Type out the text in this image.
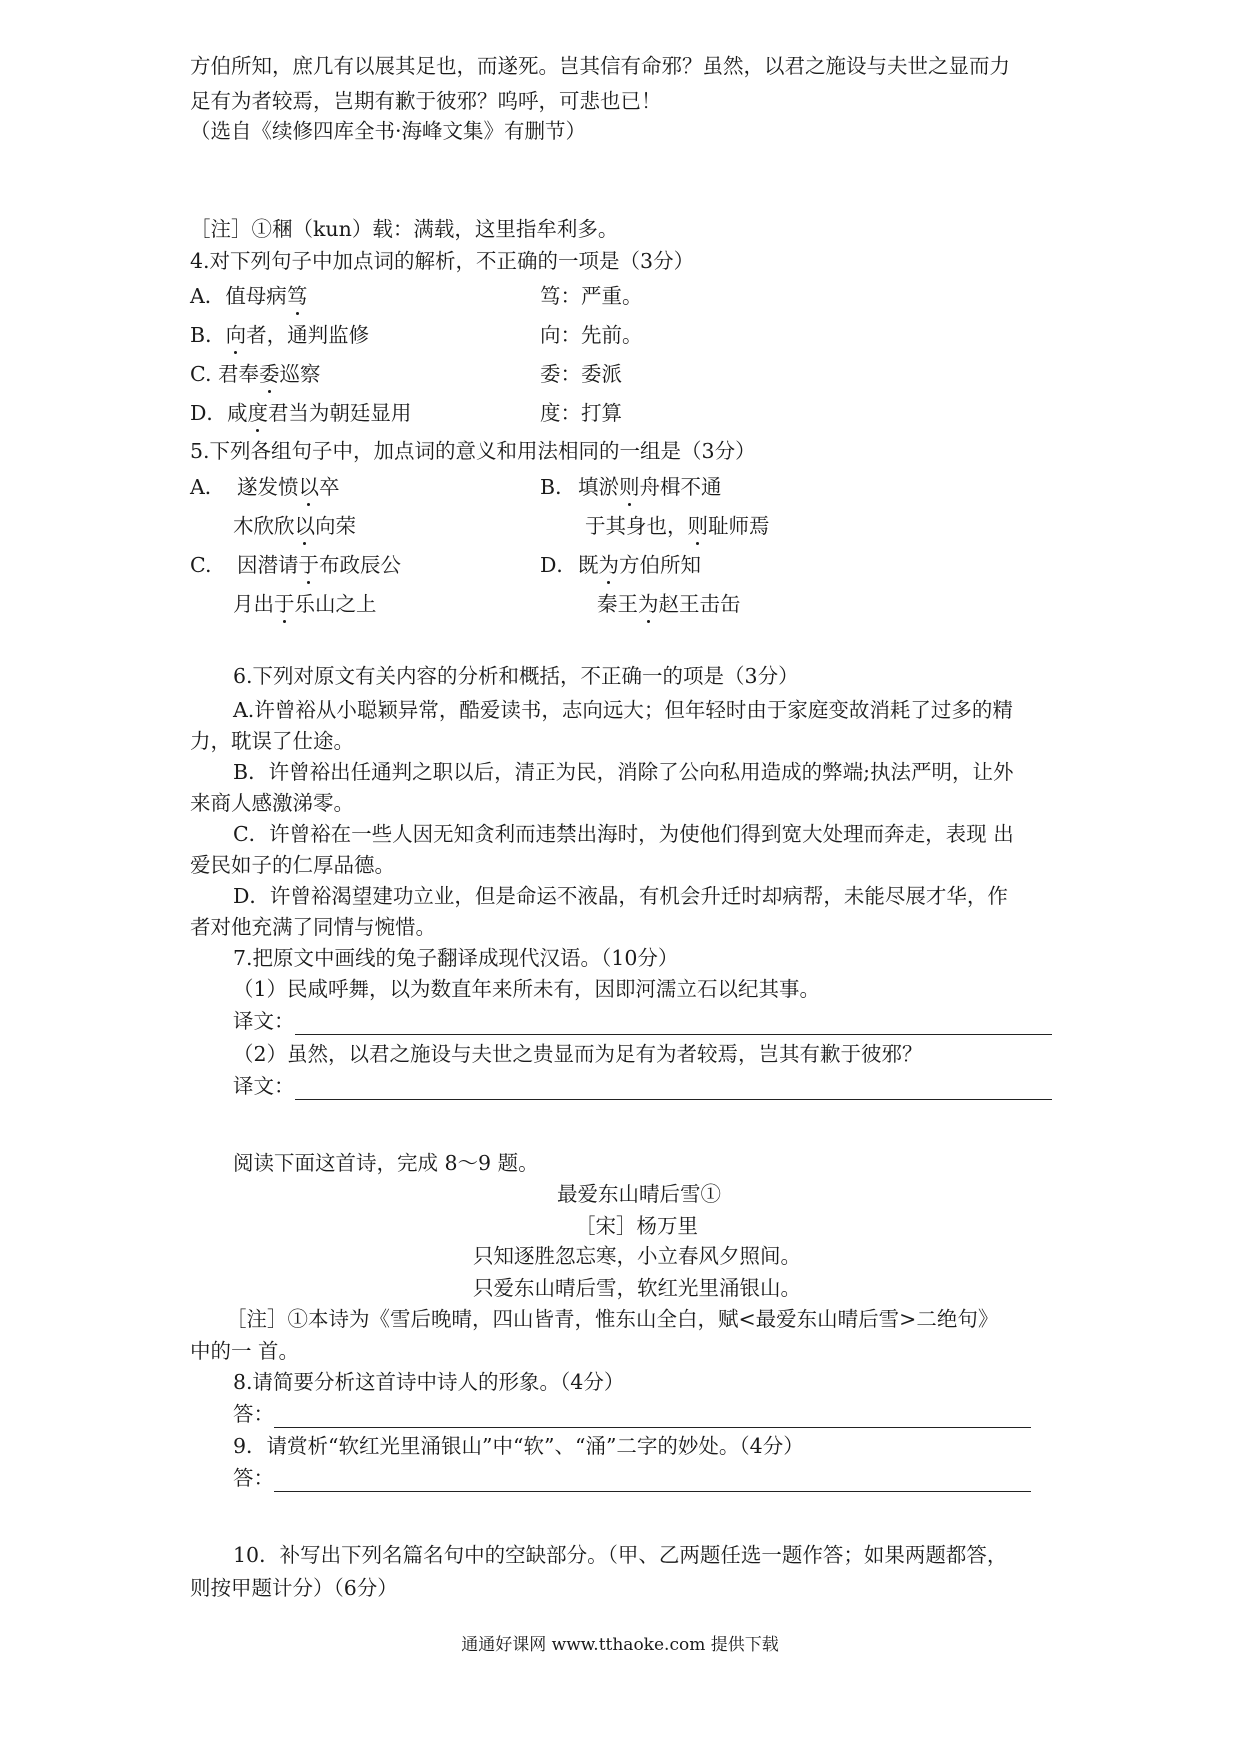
方伯所知，庶几有以展其足也，而遂死。岂其信有命邪？虽然，以君之施设与夫世之显而力
足有为者较焉，岂期有歉于彼邪？呜呼，可悲也已！
（选自《续修四库全书·海峰文集》有删节）
［注］①稛（kun）载：满载，这里指牟利多。
4.对下列句子中加点词的解析，不正确的一项是（3分）
A．值母病笃	笃：严重。
B．向者，通判监修	向：先前。
C. 君奉委巡察	委：委派
D．咸度君当为朝廷显用	度：打算
5.下列各组句子中，加点词的意义和用法相同的一组是（3分）
A． 遂发愤以卒	B． 填淤则舟楫不通
木欣欣以向荣	于其身也，则耻师焉
C. 因潜请于布政辰公	D． 既为方伯所知
月出于乐山之上	秦王为赵王击缶
6.下列对原文有关内容的分析和概括，不正确一的项是（3分）
A.许曾裕从小聪颖异常，酷爱读书，志向远大；但年轻时由于家庭变故消耗了过多的精
力，耽误了仕途。
B．许曾裕出任通判之职以后，清正为民，消除了公向私用造成的弊端;执法严明，让外
来商人感激涕零。
C．许曾裕在一些人因无知贪利而违禁出海时，为使他们得到宽大处理而奔走，表现 出
爱民如子的仁厚品德。
D．许曾裕渴望建功立业，但是命运不液晶，有机会升迁时却病帮，未能尽展才华，作
者对他充满了同情与惋惜。
7.把原文中画线的兔子翻译成现代汉语。（10分）
（1）民咸呼舞，以为数直年来所未有，因即河濡立石以纪其事。
译文：
（2）虽然，以君之施设与夫世之贵显而为足有为者较焉，岂其有歉于彼邪？
译文：
阅读下面这首诗，完成 8～9 题。
最爱东山晴后雪①
［宋］杨万里
只知逐胜忽忘寒，小立春风夕照间。
只爱东山晴后雪，软红光里涌银山。
［注］①本诗为《雪后晚晴，四山皆青，惟东山全白，赋<最爱东山晴后雪>二绝句》
中的一 首。
8.请简要分析这首诗中诗人的形象。（4分）
答：
9．请赏析“软红光里涌银山”中“软”、“涌”二字的妙处。（4分）
答：
10．补写出下列名篇名句中的空缺部分。（甲、乙两题任选一题作答；如果两题都答，
则按甲题计分）（6分）
通通好课网 www.tthaoke.com 提供下载
